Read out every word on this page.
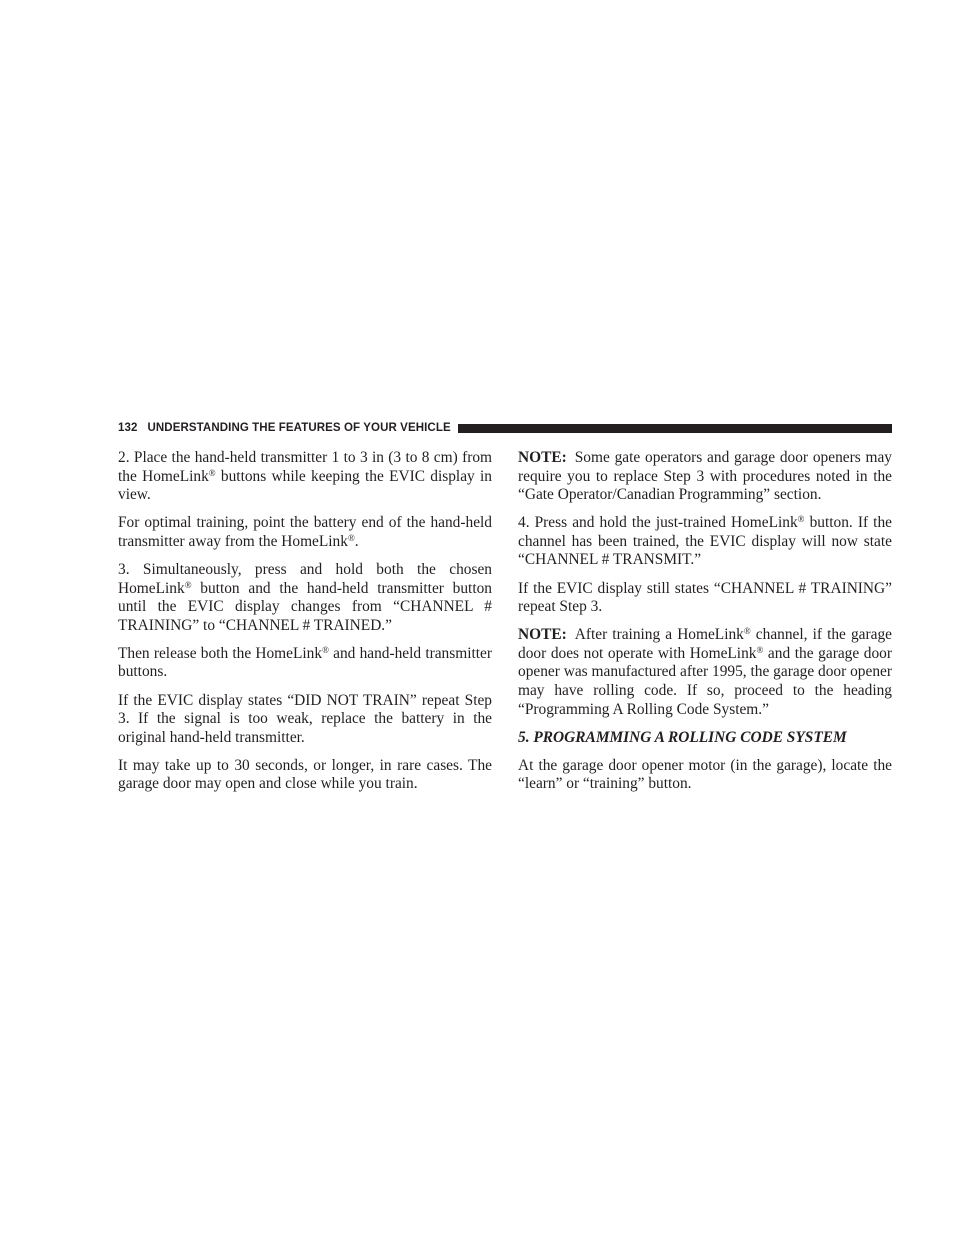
132 UNDERSTANDING THE FEATURES OF YOUR VEHICLE

2. Place the hand-held transmitter 1 to 3 in (3 to 8 cm) from the HomeLink® buttons while keeping the EVIC display in view.

For optimal training, point the battery end of the hand-held transmitter away from the HomeLink®.

3. Simultaneously, press and hold both the chosen HomeLink® button and the hand-held transmitter button until the EVIC display changes from “CHANNEL # TRAINING” to “CHANNEL # TRAINED.”

Then release both the HomeLink® and hand-held transmitter buttons.

If the EVIC display states “DID NOT TRAIN” repeat Step 3. If the signal is too weak, replace the battery in the original hand-held transmitter.

It may take up to 30 seconds, or longer, in rare cases. The garage door may open and close while you train.

NOTE: Some gate operators and garage door openers may require you to replace Step 3 with procedures noted in the “Gate Operator/Canadian Programming” section.

4. Press and hold the just-trained HomeLink® button. If the channel has been trained, the EVIC display will now state “CHANNEL # TRANSMIT.”

If the EVIC display still states “CHANNEL # TRAINING” repeat Step 3.

NOTE: After training a HomeLink® channel, if the garage door does not operate with HomeLink® and the garage door opener was manufactured after 1995, the garage door opener may have rolling code. If so, proceed to the heading “Programming A Rolling Code System.”

5. PROGRAMMING A ROLLING CODE SYSTEM

At the garage door opener motor (in the garage), locate the “learn” or “training” button.
